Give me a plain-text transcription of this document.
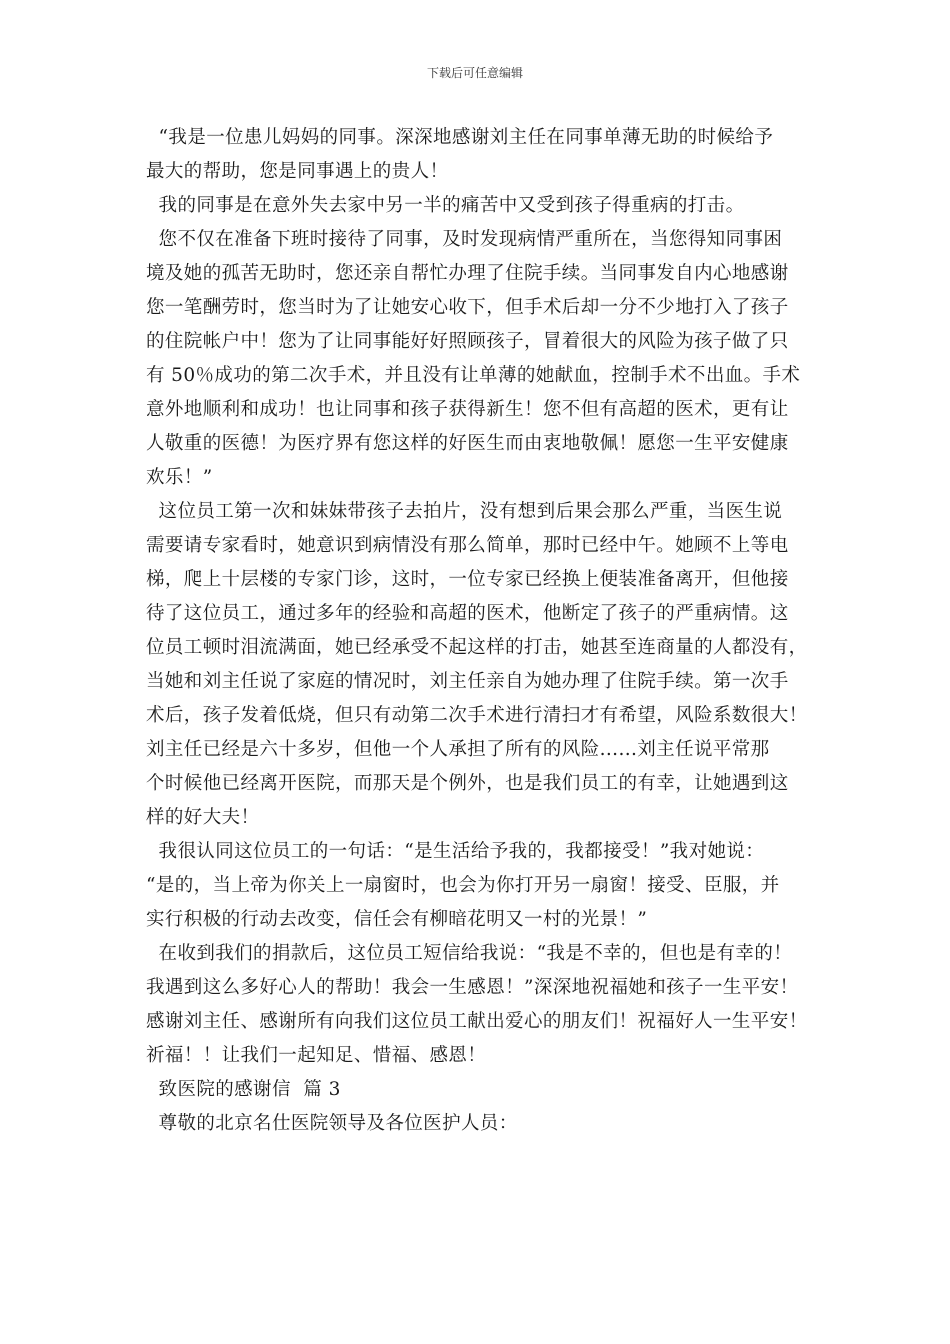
下载后可任意编辑

“我是一位患儿妈妈的同事。深深地感谢刘主任在同事单薄无助的时候给予

最大的帮助，您是同事遇上的贵人！

我的同事是在意外失去家中另一半的痛苦中又受到孩子得重病的打击。

您不仅在准备下班时接待了同事，及时发现病情严重所在，当您得知同事困

境及她的孤苦无助时，您还亲自帮忙办理了住院手续。当同事发自内心地感谢

您一笔酬劳时，您当时为了让她安心收下，但手术后却一分不少地打入了孩子

的住院帐户中！您为了让同事能好好照顾孩子，冒着很大的风险为孩子做了只

有 50％成功的第二次手术，并且没有让单薄的她献血，控制手术不出血。手术

意外地顺利和成功！也让同事和孩子获得新生！您不但有高超的医术，更有让

人敬重的医德！为医疗界有您这样的好医生而由衷地敬佩！愿您一生平安健康

欢乐！”

这位员工第一次和妹妹带孩子去拍片，没有想到后果会那么严重，当医生说

需要请专家看时，她意识到病情没有那么简单，那时已经中午。她顾不上等电

梯，爬上十层楼的专家门诊，这时，一位专家已经换上便装准备离开，但他接

待了这位员工，通过多年的经验和高超的医术，他断定了孩子的严重病情。这

位员工顿时泪流满面，她已经承受不起这样的打击，她甚至连商量的人都没有，

当她和刘主任说了家庭的情况时，刘主任亲自为她办理了住院手续。第一次手

术后，孩子发着低烧，但只有动第二次手术进行清扫才有希望，风险系数很大！

刘主任已经是六十多岁，但他一个人承担了所有的风险......刘主任说平常那

个时候他已经离开医院，而那天是个例外，也是我们员工的有幸，让她遇到这

样的好大夫！

我很认同这位员工的一句话：“是生活给予我的，我都接受！”我对她说：

“是的，当上帝为你关上一扇窗时，也会为你打开另一扇窗！接受、臣服，并

实行积极的行动去改变，信任会有柳暗花明又一村的光景！”

在收到我们的捐款后，这位员工短信给我说：“我是不幸的，但也是有幸的！

我遇到这么多好心人的帮助！我会一生感恩！”深深地祝福她和孩子一生平安！

感谢刘主任、感谢所有向我们这位员工献出爱心的朋友们！祝福好人一生平安！

祈福！！让我们一起知足、惜福、感恩！

致医院的感谢信  篇 3

尊敬的北京名仕医院领导及各位医护人员：
